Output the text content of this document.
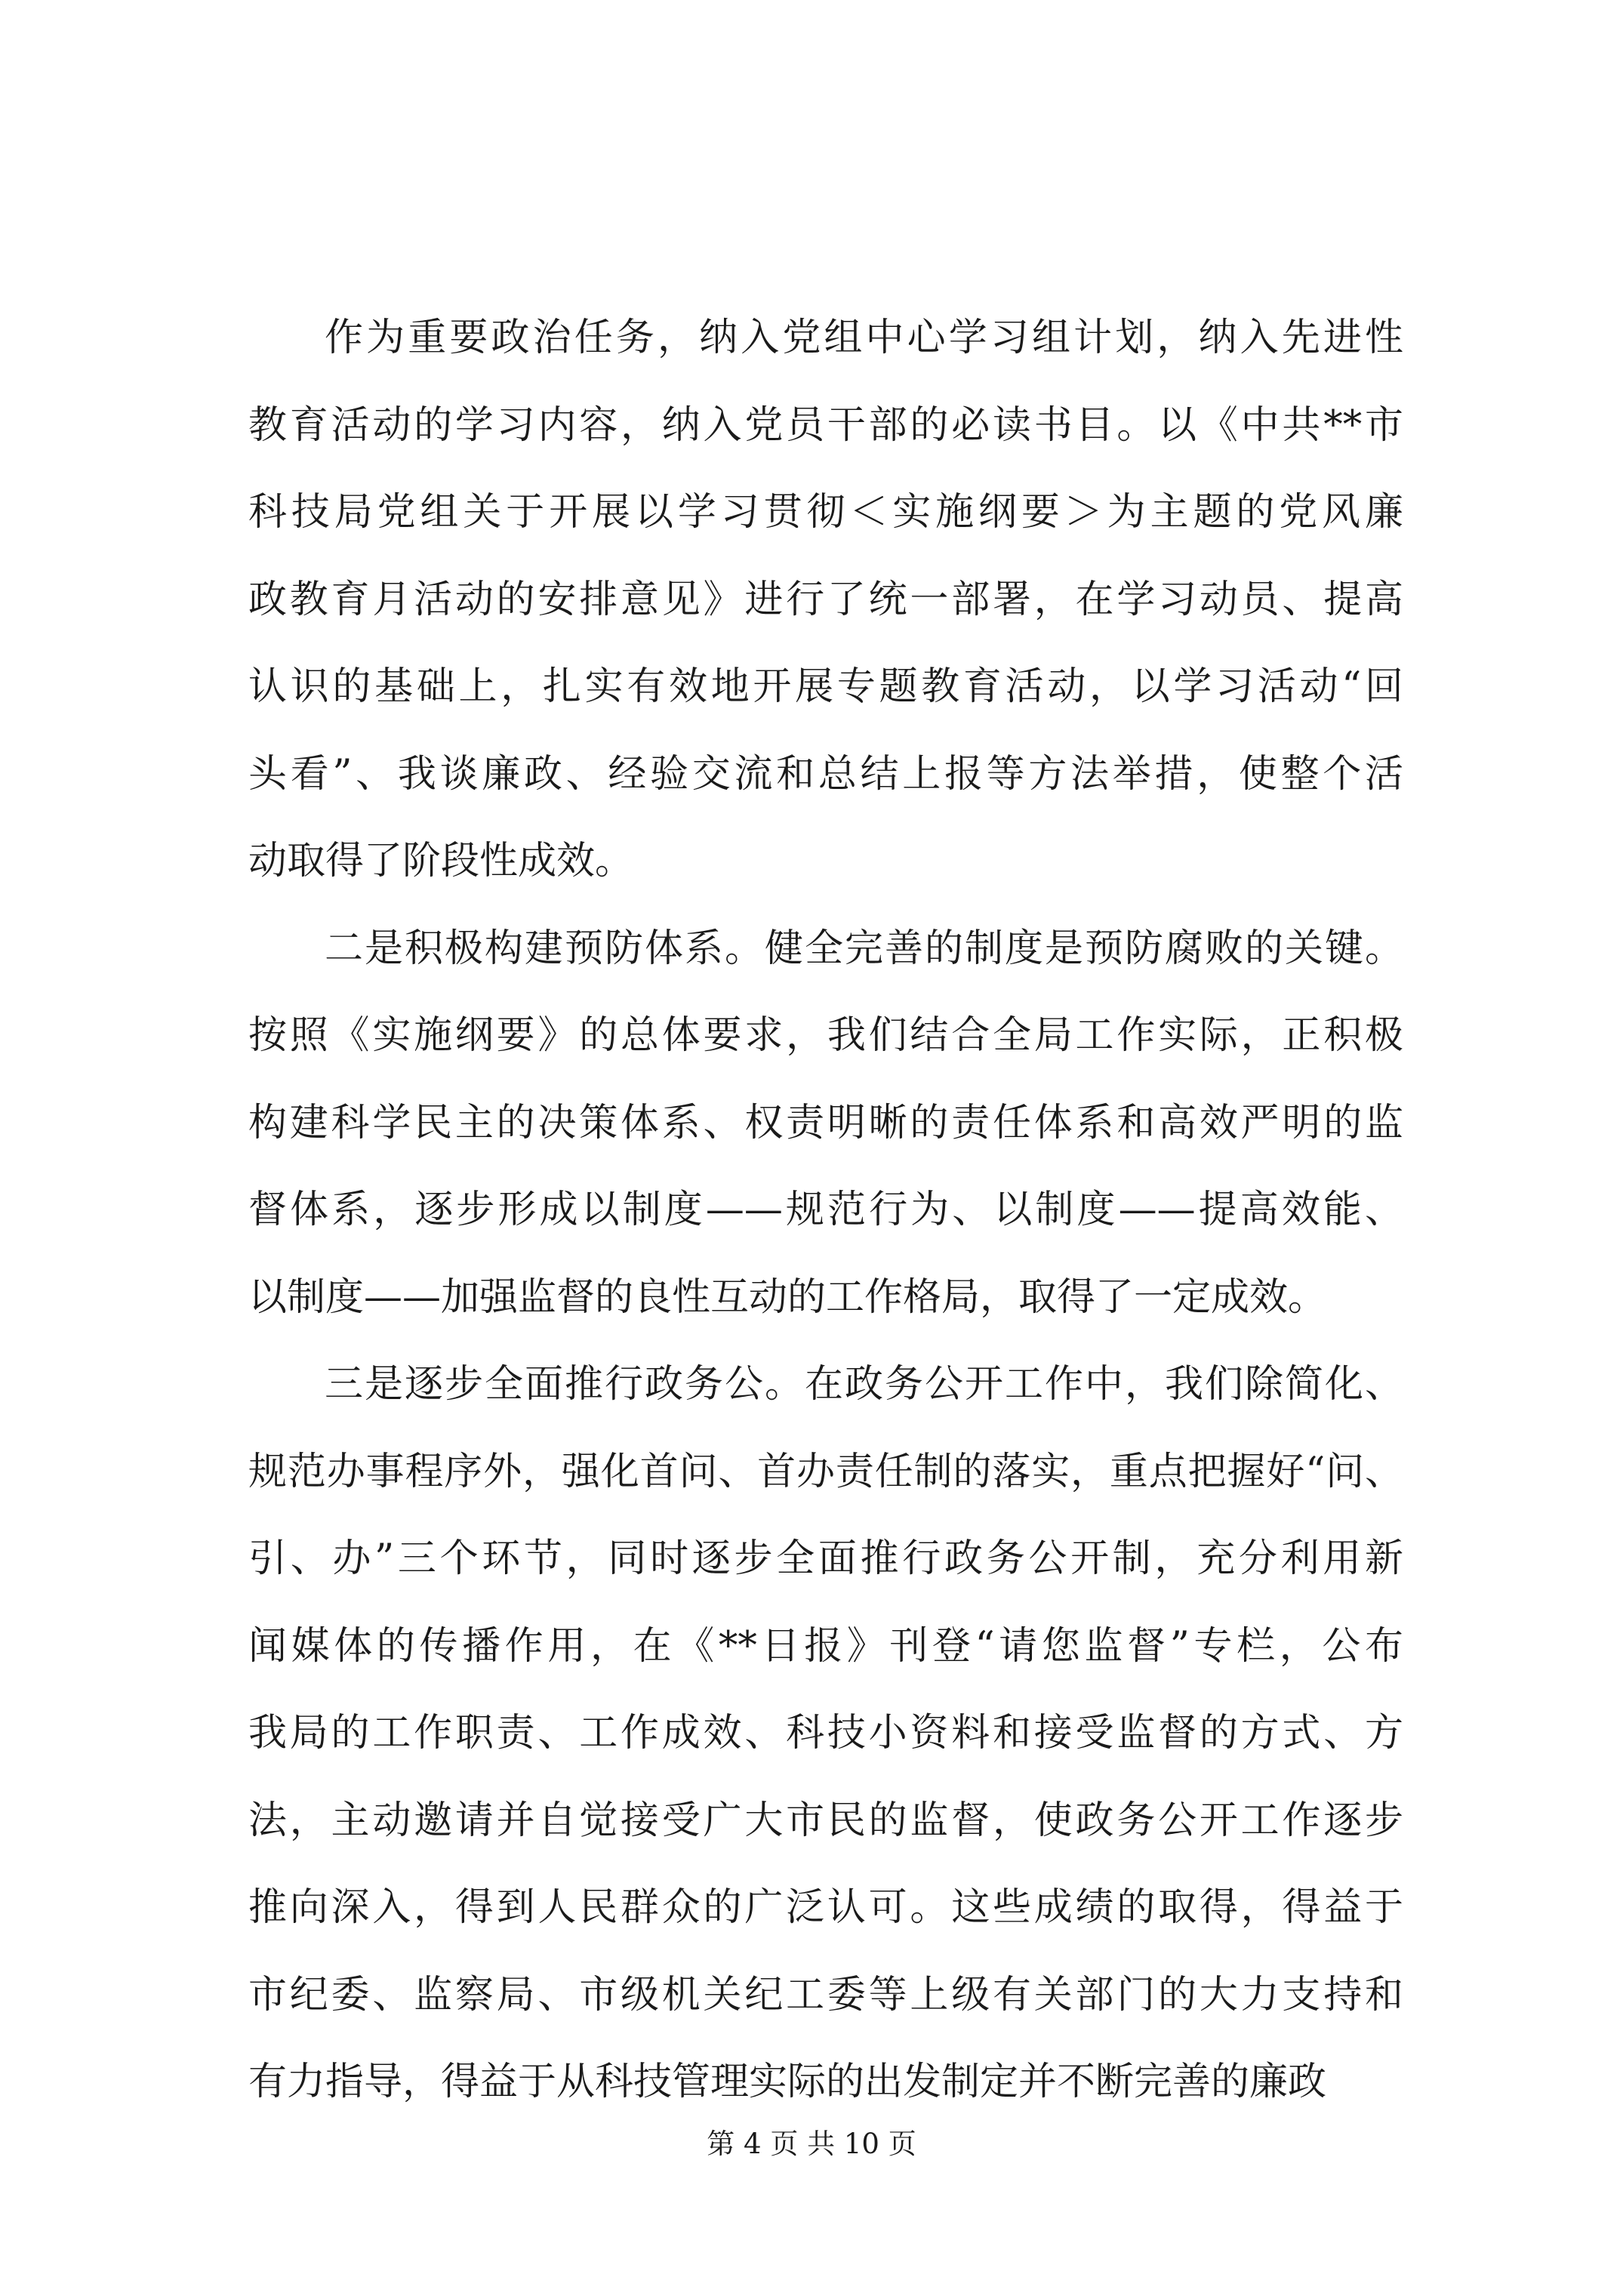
作为重要政治任务，纳入党组中心学习组计划，纳入先进性
教育活动的学习内容，纳入党员干部的必读书目。以《中共**市
科技局党组关于开展以学习贯彻＜实施纲要＞为主题的党风廉
政教育月活动的安排意见》进行了统一部署，在学习动员、提高
认识的基础上，扎实有效地开展专题教育活动，以学习活动“回
头看”、我谈廉政、经验交流和总结上报等方法举措，使整个活
动取得了阶段性成效。
二是积极构建预防体系。健全完善的制度是预防腐败的关键。
按照《实施纲要》的总体要求，我们结合全局工作实际，正积极
构建科学民主的决策体系、权责明晰的责任体系和高效严明的监
督体系，逐步形成以制度——规范行为、以制度——提高效能、
以制度——加强监督的良性互动的工作格局，取得了一定成效。
三是逐步全面推行政务公。在政务公开工作中，我们除简化、
规范办事程序外，强化首问、首办责任制的落实，重点把握好“问、
引、办”三个环节，同时逐步全面推行政务公开制，充分利用新
闻媒体的传播作用，在《**日报》刊登“请您监督”专栏，公布
我局的工作职责、工作成效、科技小资料和接受监督的方式、方
法，主动邀请并自觉接受广大市民的监督，使政务公开工作逐步
推向深入，得到人民群众的广泛认可。这些成绩的取得，得益于
市纪委、监察局、市级机关纪工委等上级有关部门的大力支持和
有力指导，得益于从科技管理实际的出发制定并不断完善的廉政
第 4 页 共 10 页
